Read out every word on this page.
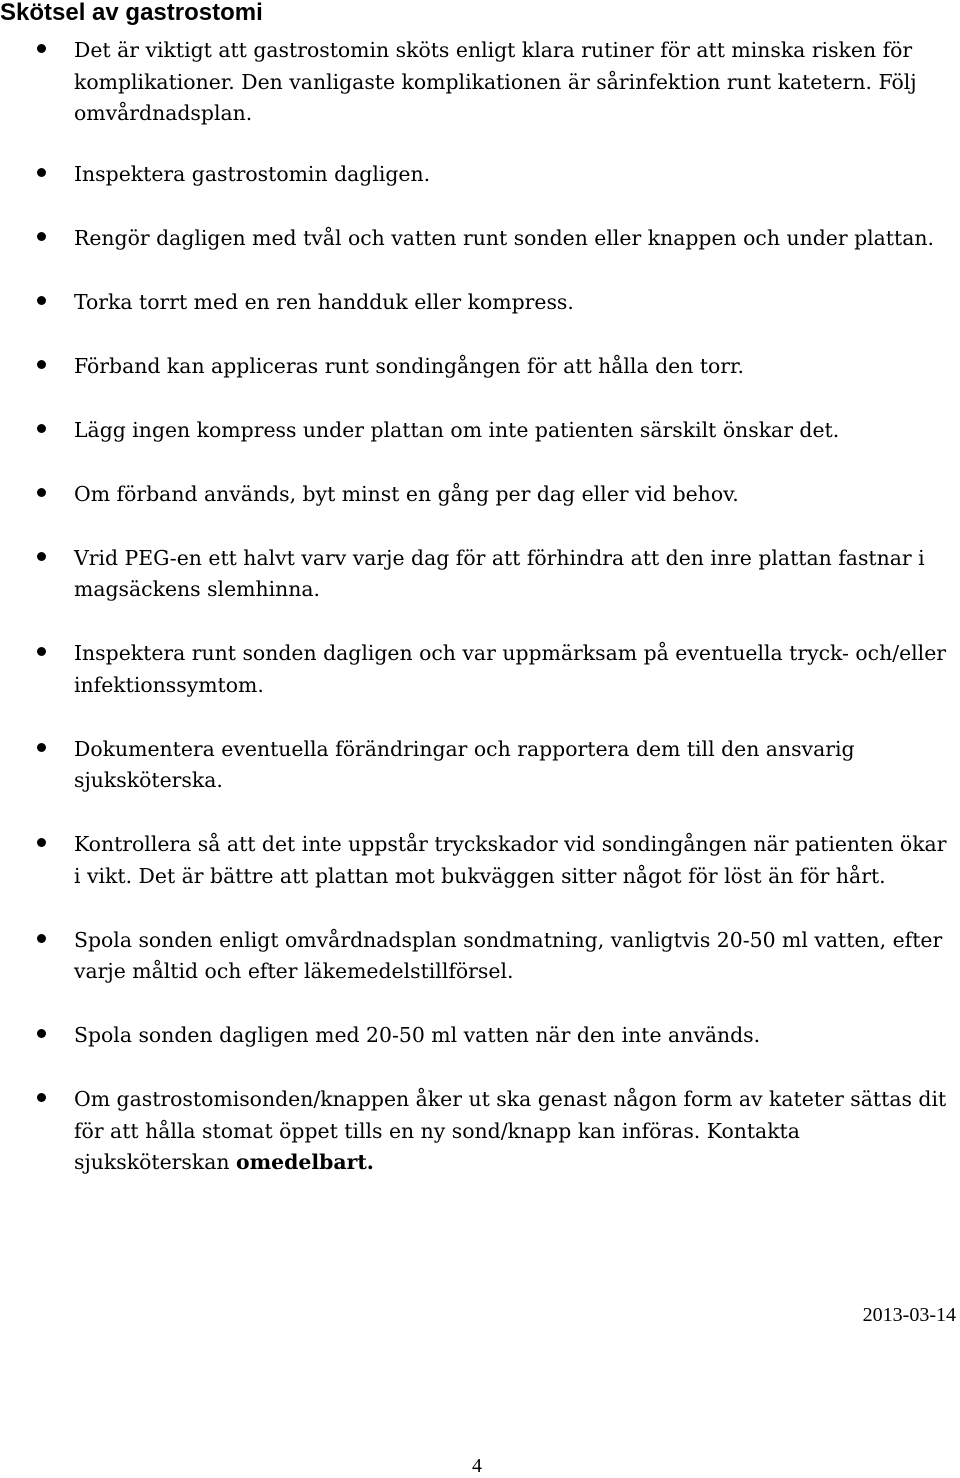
Skötsel av gastrostomi
Det är viktigt att gastrostomin sköts enligt klara rutiner för att minska risken för komplikationer. Den vanligaste komplikationen är sårinfektion runt katetern. Följ omvårdnadsplan.
Inspektera gastrostomin dagligen.
Rengör dagligen med tvål och vatten runt sonden eller knappen och under plattan.
Torka torrt med en ren handduk eller kompress.
Förband kan appliceras runt sondingången för att hålla den torr.
Lägg ingen kompress under plattan om inte patienten särskilt önskar det.
Om förband används, byt minst en gång per dag eller vid behov.
Vrid PEG-en ett halvt varv varje dag för att förhindra att den inre plattan fastnar i magsäckens slemhinna.
Inspektera runt sonden dagligen och var uppmärksam på eventuella tryck- och/eller infektionssymtom.
Dokumentera eventuella förändringar och rapportera dem till den ansvarig sjuksköterska.
Kontrollera så att det inte uppstår tryckskador vid sondingången när patienten ökar i vikt. Det är bättre att plattan mot bukväggen sitter något för löst än för hårt.
Spola sonden enligt omvårdnadsplan sondmatning, vanligtvis 20-50 ml vatten, efter varje måltid och efter läkemedelstillförsel.
Spola sonden dagligen med 20-50 ml vatten när den inte används.
Om gastrostomisonden/knappen åker ut ska genast någon form av kateter sättas dit för att hålla stomat öppet tills en ny sond/knapp kan införas. Kontakta sjuksköterskan omedelbart.
2013-03-14
4
